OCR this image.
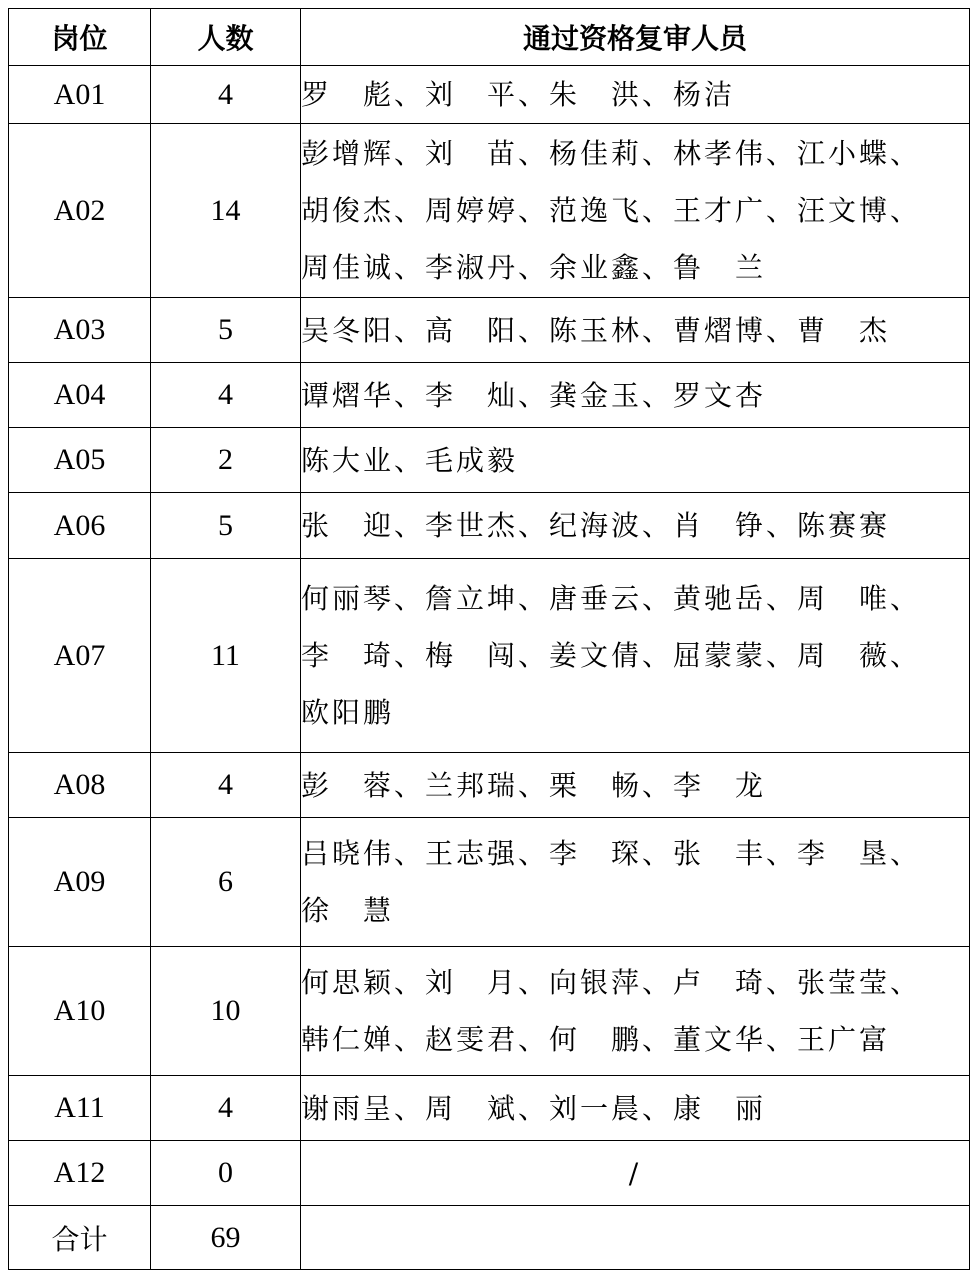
岗位	人数	通过资格复审人员
A01	4	罗　彪、刘　平、朱　洪、杨洁
A02	14	彭增辉、刘　苗、杨佳莉、林孝伟、江小蝶、
胡俊杰、周婷婷、范逸飞、王才广、汪文博、
周佳诚、李淑丹、余业鑫、鲁　兰
A03	5	吴冬阳、高　阳、陈玉林、曹熠博、曹　杰
A04	4	谭熠华、李　灿、龚金玉、罗文杏
A05	2	陈大业、毛成毅
A06	5	张　迎、李世杰、纪海波、肖　铮、陈赛赛
A07	11	何丽琴、詹立坤、唐垂云、黄驰岳、周　唯、
李　琦、梅　闯、姜文倩、屈蒙蒙、周　薇、
欧阳鹏
A08	4	彭　蓉、兰邦瑞、栗　畅、李　龙
A09	6	吕晓伟、王志强、李　琛、张　丰、李　垦、
徐　慧
A10	10	何思颖、刘　月、向银萍、卢　琦、张莹莹、
韩仁婵、赵雯君、何　鹏、董文华、王广富
A11	4	谢雨呈、周　斌、刘一晨、康　丽
A12	0	/
合计	69	
